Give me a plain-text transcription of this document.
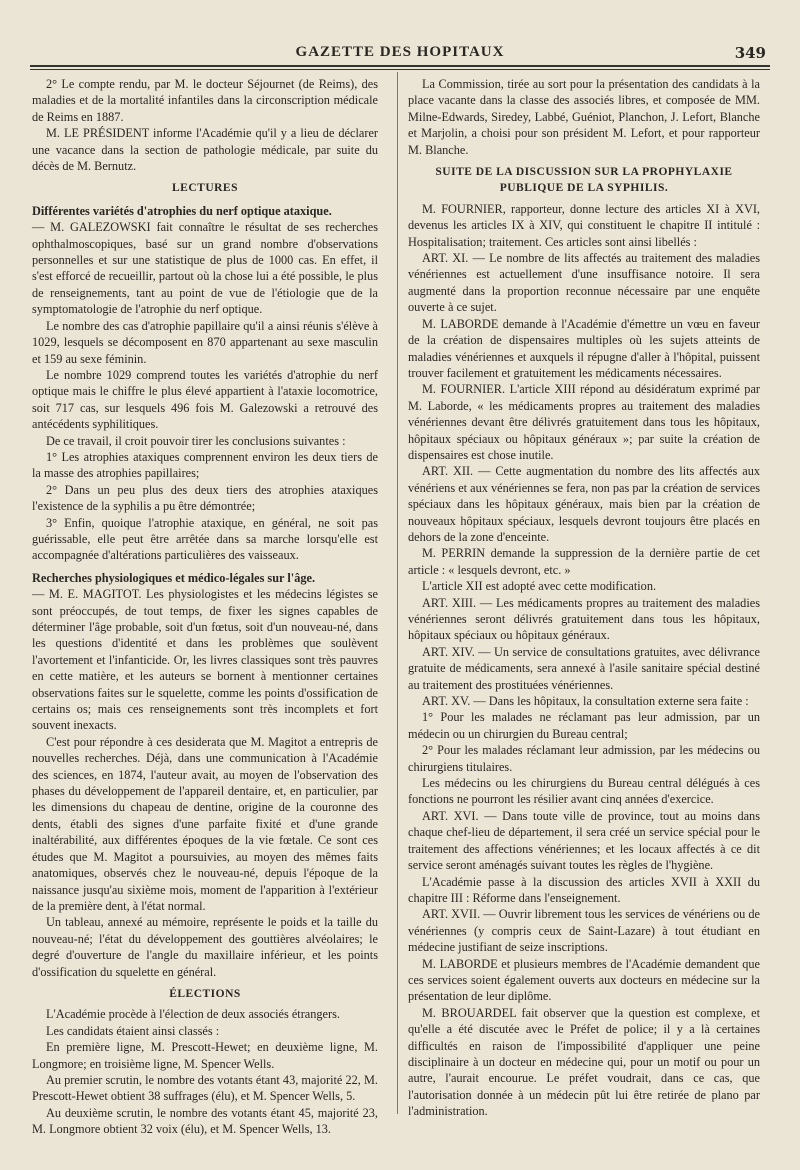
GAZETTE DES HOPITAUX	349

2° Le compte rendu, par M. le docteur Séjournet (de Reims), des maladies et de la mortalité infantiles dans la circonscription médicale de Reims en 1887.

M. LE PRÉSIDENT informe l'Académie qu'il y a lieu de déclarer une vacance dans la section de pathologie médicale, par suite du décès de M. Bernutz.

LECTURES

Différentes variétés d'atrophies du nerf optique ataxique.

— M. GALEZOWSKI fait connaître le résultat de ses recherches ophthalmoscopiques, basé sur un grand nombre d'observations personnelles et sur une statistique de plus de 1000 cas. En effet, il s'est efforcé de recueillir, partout où la chose lui a été possible, le plus de renseignements, tant au point de vue de l'étiologie que de la symptomatologie de l'atrophie du nerf optique.

Le nombre des cas d'atrophie papillaire qu'il a ainsi réunis s'élève à 1029, lesquels se décomposent en 870 appartenant au sexe masculin et 159 au sexe féminin.

Le nombre 1029 comprend toutes les variétés d'atrophie du nerf optique mais le chiffre le plus élevé appartient à l'ataxie locomotrice, soit 717 cas, sur lesquels 496 fois M. Galezowski a retrouvé des antécédents syphilitiques.

De ce travail, il croit pouvoir tirer les conclusions suivantes :

1° Les atrophies ataxiques comprennent environ les deux tiers de la masse des atrophies papillaires;

2° Dans un peu plus des deux tiers des atrophies ataxiques l'existence de la syphilis a pu être démontrée;

3° Enfin, quoique l'atrophie ataxique, en général, ne soit pas guérissable, elle peut être arrêtée dans sa marche lorsqu'elle est accompagnée d'altérations particulières des vaisseaux.

Recherches physiologiques et médico-légales sur l'âge.

— M. E. MAGITOT. Les physiologistes et les médecins légistes se sont préoccupés, de tout temps, de fixer les signes capables de déterminer l'âge probable, soit d'un fœtus, soit d'un nouveau-né, dans les questions d'identité et dans les problèmes que soulèvent l'avortement et l'infanticide. Or, les livres classiques sont très pauvres en cette matière, et les auteurs se bornent à mentionner certaines observations faites sur le squelette, comme les points d'ossification de certains os; mais ces renseignements sont très incomplets et fort souvent inexacts.

C'est pour répondre à ces desiderata que M. Magitot a entrepris de nouvelles recherches. Déjà, dans une communication à l'Académie des sciences, en 1874, l'auteur avait, au moyen de l'observation des phases du développement de l'appareil dentaire, et, en particulier, par les dimensions du chapeau de dentine, origine de la couronne des dents, établi des signes d'une parfaite fixité et d'une grande inaltérabilité, aux différentes époques de la vie fœtale. Ce sont ces études que M. Magitot a poursuivies, au moyen des mêmes faits anatomiques, observés chez le nouveau-né, depuis l'époque de la naissance jusqu'au sixième mois, moment de l'apparition à l'extérieur de la première dent, à l'état normal.

Un tableau, annexé au mémoire, représente le poids et la taille du nouveau-né; l'état du développement des gouttières alvéolaires; le degré d'ouverture de l'angle du maxillaire inférieur, et les points d'ossification du squelette en général.

ÉLECTIONS

L'Académie procède à l'élection de deux associés étrangers.

Les candidats étaient ainsi classés :

En première ligne, M. Prescott-Hewet; en deuxième ligne, M. Longmore; en troisième ligne, M. Spencer Wells.

Au premier scrutin, le nombre des votants étant 43, majorité 22, M. Prescott-Hewet obtient 38 suffrages (élu), et M. Spencer Wells, 5.

Au deuxième scrutin, le nombre des votants étant 45, majorité 23, M. Longmore obtient 32 voix (élu), et M. Spencer Wells, 13.

La Commission, tirée au sort pour la présentation des candidats à la place vacante dans la classe des associés libres, et composée de MM. Milne-Edwards, Siredey, Labbé, Guéniot, Planchon, J. Lefort, Blanche et Marjolin, a choisi pour son président M. Lefort, et pour rapporteur M. Blanche.

SUITE DE LA DISCUSSION SUR LA PROPHYLAXIE PUBLIQUE DE LA SYPHILIS.

M. FOURNIER, rapporteur, donne lecture des articles XI à XVI, devenus les articles IX à XIV, qui constituent le chapitre II intitulé : Hospitalisation; traitement. Ces articles sont ainsi libellés :

ART. XI. — Le nombre de lits affectés au traitement des maladies vénériennes est actuellement d'une insuffisance notoire. Il sera augmenté dans la proportion reconnue nécessaire par une enquête ouverte à ce sujet.

M. LABORDE demande à l'Académie d'émettre un vœu en faveur de la création de dispensaires multiples où les sujets atteints de maladies vénériennes et auxquels il répugne d'aller à l'hôpital, puissent trouver facilement et gratuitement les médicaments nécessaires.

M. FOURNIER. L'article XIII répond au désidératum exprimé par M. Laborde, « les médicaments propres au traitement des maladies vénériennes devant être délivrés gratuitement dans tous les hôpitaux, hôpitaux spéciaux ou hôpitaux généraux »; par suite la création de dispensaires est chose inutile.

ART. XII. — Cette augmentation du nombre des lits affectés aux vénériens et aux vénériennes se fera, non pas par la création de services spéciaux dans les hôpitaux généraux, mais bien par la création de nouveaux hôpitaux spéciaux, lesquels devront toujours être placés en dehors de la zone d'enceinte.

M. PERRIN demande la suppression de la dernière partie de cet article : « lesquels devront, etc. »

L'article XII est adopté avec cette modification.

ART. XIII. — Les médicaments propres au traitement des maladies vénériennes seront délivrés gratuitement dans tous les hôpitaux, hôpitaux spéciaux ou hôpitaux généraux.

ART. XIV. — Un service de consultations gratuites, avec délivrance gratuite de médicaments, sera annexé à l'asile sanitaire spécial destiné au traitement des prostituées vénériennes.

ART. XV. — Dans les hôpitaux, la consultation externe sera faite :

1° Pour les malades ne réclamant pas leur admission, par un médecin ou un chirurgien du Bureau central;

2° Pour les malades réclamant leur admission, par les médecins ou chirurgiens titulaires.

Les médecins ou les chirurgiens du Bureau central délégués à ces fonctions ne pourront les résilier avant cinq années d'exercice.

ART. XVI. — Dans toute ville de province, tout au moins dans chaque chef-lieu de département, il sera créé un service spécial pour le traitement des affections vénériennes; et les locaux affectés à ce dit service seront aménagés suivant toutes les règles de l'hygiène.

L'Académie passe à la discussion des articles XVII à XXII du chapitre III : Réforme dans l'enseignement.

ART. XVII. — Ouvrir librement tous les services de vénériens ou de vénériennes (y compris ceux de Saint-Lazare) à tout étudiant en médecine justifiant de seize inscriptions.

M. LABORDE et plusieurs membres de l'Académie demandent que ces services soient également ouverts aux docteurs en médecine sur la présentation de leur diplôme.

M. BROUARDEL fait observer que la question est complexe, et qu'elle a été discutée avec le Préfet de police; il y a là certaines difficultés en raison de l'impossibilité d'appliquer une peine disciplinaire à un docteur en médecine qui, pour un motif ou pour un autre, l'aurait encourue. Le préfet voudrait, dans ce cas, que l'autorisation donnée à un médecin pût lui être retirée de plano par l'administration.
